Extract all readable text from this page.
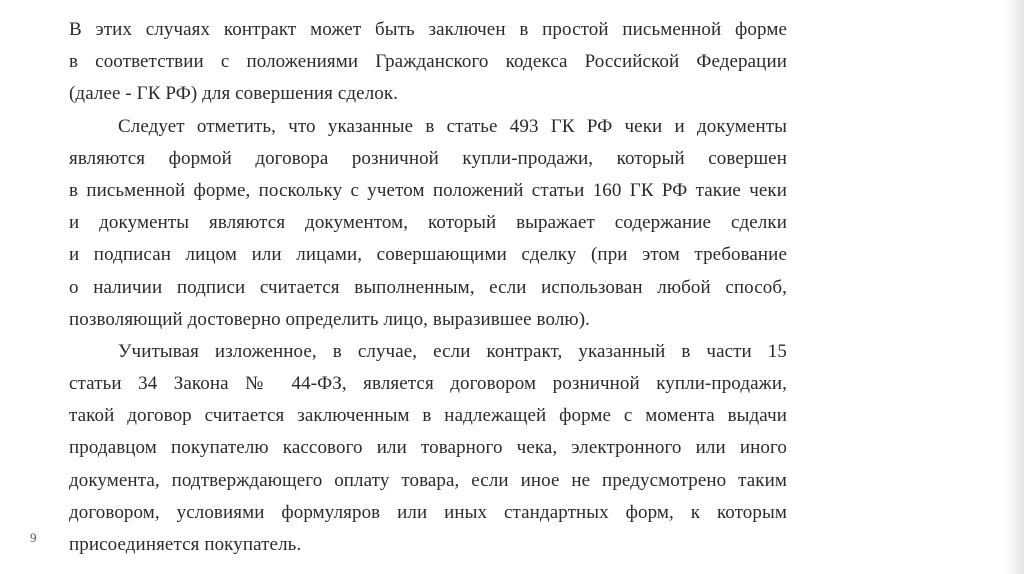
В этих случаях контракт может быть заключен в простой письменной форме
в соответствии с положениями Гражданского кодекса Российской Федерации
(далее - ГК РФ) для совершения сделок.
Следует отметить, что указанные в статье 493 ГК РФ чеки и документы
являются формой договора розничной купли-продажи, который совершен
в письменной форме, поскольку с учетом положений статьи 160 ГК РФ такие чеки
и документы являются документом, который выражает содержание сделки
и подписан лицом или лицами, совершающими сделку (при этом требование
о наличии подписи считается выполненным, если использован любой способ,
позволяющий достоверно определить лицо, выразившее волю).
Учитывая изложенное, в случае, если контракт, указанный в части 15
статьи 34 Закона № 44-ФЗ, является договором розничной купли-продажи,
такой договор считается заключенным в надлежащей форме с момента выдачи
продавцом покупателю кассового или товарного чека, электронного или иного
документа, подтверждающего оплату товара, если иное не предусмотрено таким
договором, условиями формуляров или иных стандартных форм, к которым
присоединяется покупатель.
9
